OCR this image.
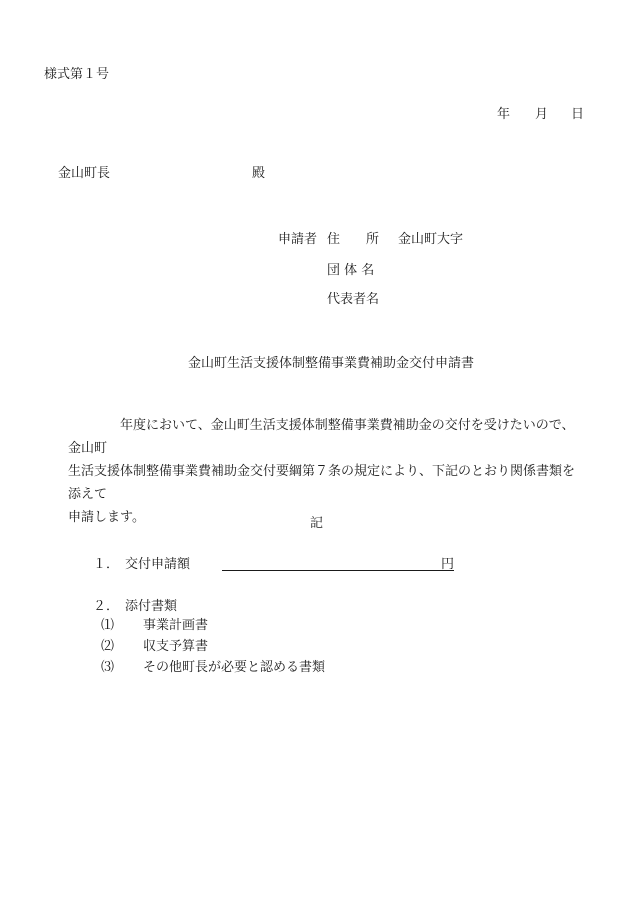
様式第１号
年 月 日
金山町長	殿
申請者 住　　所 金山町大字
団 体 名
代表者名
金山町生活支援体制整備事業費補助金交付申請書
　　　　年度において、金山町生活支援体制整備事業費補助金の交付を受けたいので、金山町
生活支援体制整備事業費補助金交付要綱第７条の規定により、下記のとおり関係書類を添えて
申請します。	記
１． 交付申請額	円
２． 添付書類
⑴ 事業計画書
⑵ 収支予算書
⑶ その他町長が必要と認める書類
